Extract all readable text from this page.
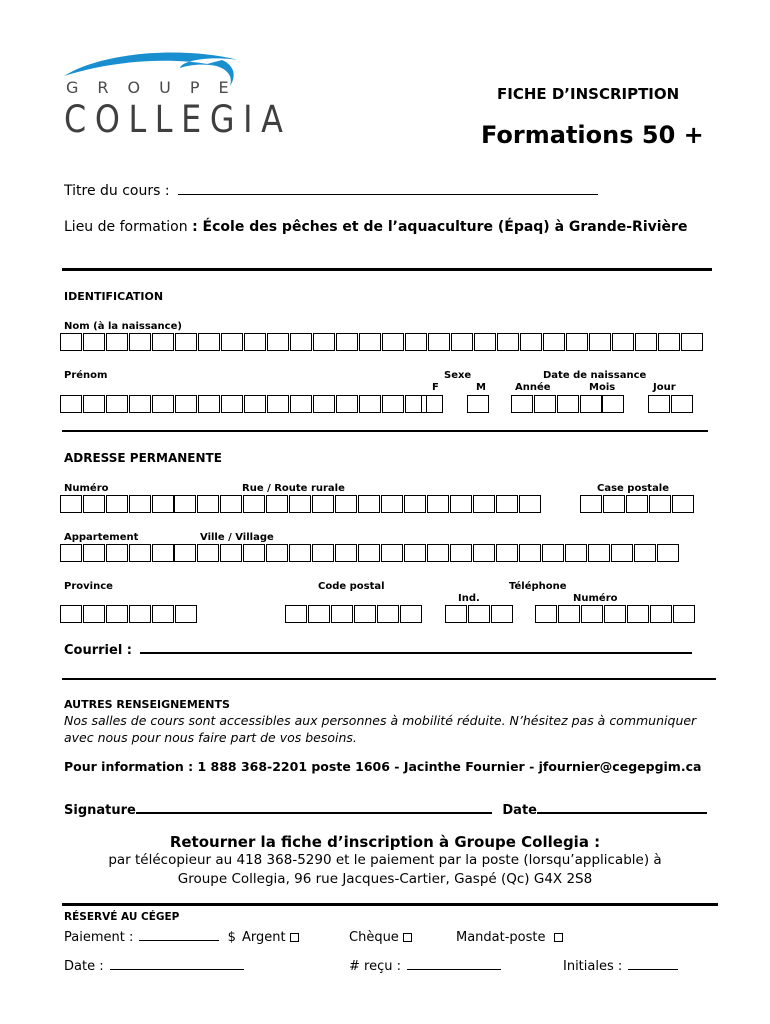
GROUPE
COLLEGIA
FICHE D’INSCRIPTION
Formations 50 +
Titre du cours :
Lieu de formation : École des pêches et de l’aquaculture (Épaq) à Grande-Rivière
IDENTIFICATION
Nom (à la naissance)
Prénom	Sexe
F	M
Date de naissance
Année	Mois	Jour
ADRESSE PERMANENTE
Numéro	Rue / Route rurale	Case postale
Appartement	Ville / Village
Province	Code postal	Téléphone
Ind.	Numéro
Courriel :
AUTRES RENSEIGNEMENTS
Nos salles de cours sont accessibles aux personnes à mobilité réduite. N’hésitez pas à communiquer avec nous pour nous faire part de vos besoins.
Pour information : 1 888 368-2201 poste 1606 - Jacinthe Fournier - jfournier@cegepgim.ca
Signature	Date
Retourner la fiche d’inscription à Groupe Collegia :
par télécopieur au 418 368-5290 et le paiement par la poste (lorsqu’applicable) à
Groupe Collegia, 96 rue Jacques-Cartier, Gaspé (Qc) G4X 2S8
RÉSERVÉ AU CÉGEP
Paiement :	$ Argent	Chèque	Mandat-poste
Date :	# reçu :	Initiales :
